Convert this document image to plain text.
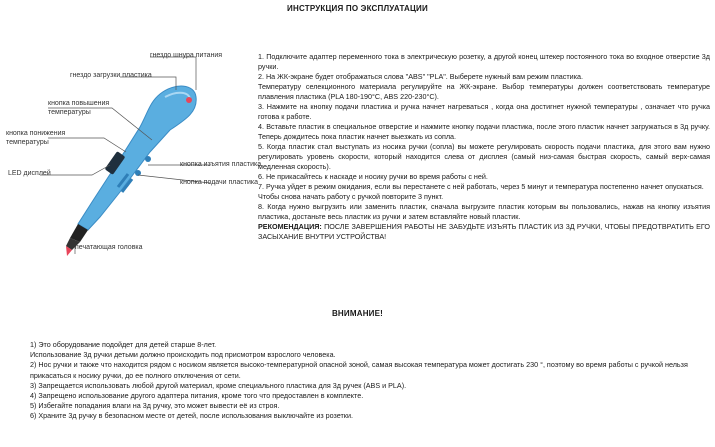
ИНСТРУКЦИЯ ПО ЭКСПЛУАТАЦИИ
гнездо шнура питания
гнездо загрузки пластика
кнопка повышения температуры
кнопка понижения температуры
LED дисплей
кнопка изъятия пластика
кнопка подачи пластика
печатающая головка

1. Подключите адаптер переменного тока в электрическую розетку, а другой конец штекер постоянного тока во входное отверстие 3д ручки.

2. На ЖК-экране будет отображаться слова "ABS" "PLA". Выберете нужный вам режим пластика.

Температуру селекционного материала регулируйте на ЖК-экране. Выбор температуры должен соответствовать температуре плавления пластика (PLA 180-190°C, ABS 220-230°C).

3. Нажмите на кнопку подачи пластика и ручка начнет нагреваться , когда она достигнет нужной температуры , означает что ручка готова к работе.

4. Вставьте пластик в специальное отверстие и нажмите кнопку подачи пластика, после этого пластик начнет загружаться в 3д ручку. Теперь дождитесь пока пластик начнет выезжать из сопла.

5. Когда пластик стал выступать из носика ручки (сопла) вы можете регулировать скорость подачи пластика, для этого вам нужно регулировать уровень скорости, который находится слева от дисплея (самый низ-самая быстрая скорость, самый верх-самая медленная скорость).

6. Не прикасайтесь к наскаде и носику ручки во время работы с ней.

7. Ручка уйдет в режим ожидания, если вы перестанете с ней работать, через 5 минут и температура постепенно начнет опускаться.

Чтобы снова начать работу с ручкой повторите 3 пункт.

8. Когда нужно выгрузить или заменить пластик, сначала выгрузите пластик которым вы пользовались, нажав на кнопку изъятия пластика, достаньте весь пластик из ручки и затем вставляйте новый пластик.

РЕКОМЕНДАЦИЯ: ПОСЛЕ ЗАВЕРШЕНИЯ РАБОТЫ НЕ ЗАБУДЬТЕ ИЗЪЯТЬ ПЛАСТИК ИЗ 3Д РУЧКИ, ЧТОБЫ ПРЕДОТВРАТИТЬ ЕГО ЗАСЫХАНИЕ ВНУТРИ УСТРОЙСТВА!

ВНИМАНИЕ!

1) Это оборудование подойдет для детей старше 8-лет.

Использование 3д ручки детьми должно происходить под присмотром взрослого человека.

2) Нос ручки и также что находится рядом с носиком является высоко-температурной опасной зоной, самая высокая температура может достигать 230 °, поэтому во время работы с ручкой нельзя прикасаться к носику ручки, до ее полного отключения от сети.

3) Запрещается использовать любой другой материал, кроме специального пластика для 3д ручек (ABS и PLA).

4) Запрещено использование другого адаптера питания, кроме того что предоставлен в комплекте.

5) Избегайте попадания влаги на 3д ручку, это может вывести её из строя.

6) Храните 3д ручку в безопасном месте от детей, после использования выключайте из розетки.
